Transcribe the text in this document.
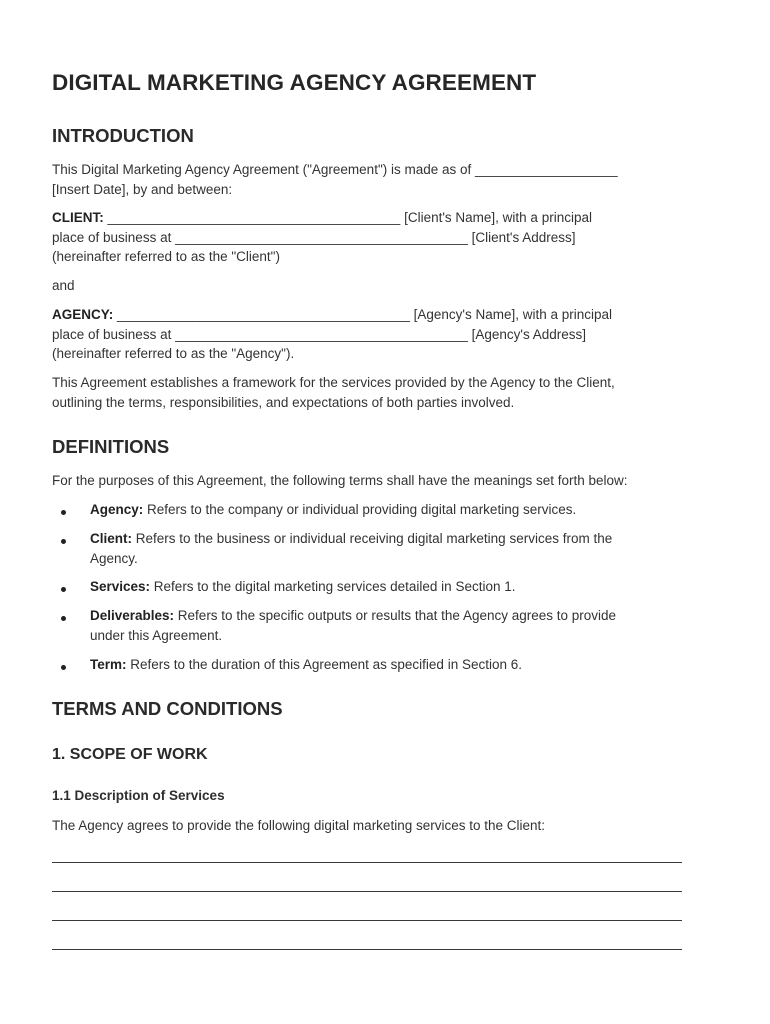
DIGITAL MARKETING AGENCY AGREEMENT
INTRODUCTION

This Digital Marketing Agency Agreement ("Agreement") is made as of ___________________
[Insert Date], by and between:

CLIENT: _______________________________________ [Client's Name], with a principal
place of business at _______________________________________ [Client's Address]
(hereinafter referred to as the "Client")

and

AGENCY: _______________________________________ [Agency's Name], with a principal
place of business at _______________________________________ [Agency's Address]
(hereinafter referred to as the "Agency").

This Agreement establishes a framework for the services provided by the Agency to the Client,
outlining the terms, responsibilities, and expectations of both parties involved.

DEFINITIONS

For the purposes of this Agreement, the following terms shall have the meanings set forth below:

Agency: Refers to the company or individual providing digital marketing services.
Client: Refers to the business or individual receiving digital marketing services from the
Agency.
Services: Refers to the digital marketing services detailed in Section 1.
Deliverables: Refers to the specific outputs or results that the Agency agrees to provide
under this Agreement.
Term: Refers to the duration of this Agreement as specified in Section 6.
TERMS AND CONDITIONS
1. SCOPE OF WORK
1.1 Description of Services

The Agency agrees to provide the following digital marketing services to the Client:
